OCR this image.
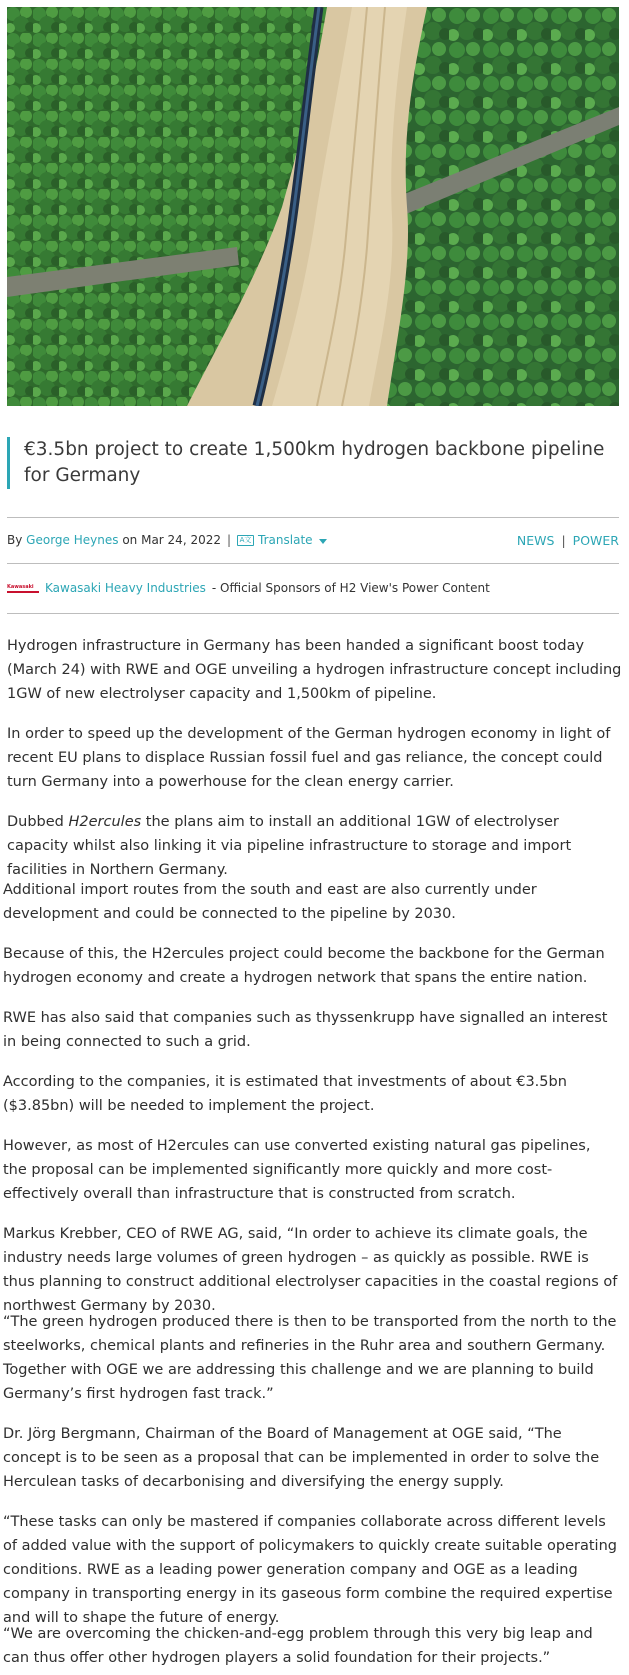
€3.5bn project to create 1,500km hydrogen backbone pipeline for Germany
By
George Heynes
on
Mar 24, 2022 |	A文 Translate	NEWS | POWER
Kawasaki Kawasaki Heavy Industries - Official Sponsors of H2 View's Power Content

Hydrogen infrastructure in Germany has been handed a significant boost today (March 24) with RWE and OGE unveiling a hydrogen infrastructure concept including 1GW of new electrolyser capacity and 1,500km of pipeline.

In order to speed up the development of the German hydrogen economy in light of recent EU plans to displace Russian fossil fuel and gas reliance, the concept could turn Germany into a powerhouse for the clean energy carrier.

Dubbed H2ercules the plans aim to install an additional 1GW of electrolyser capacity whilst also linking it via pipeline infrastructure to storage and import facilities in Northern Germany.

Additional import routes from the south and east are also currently under development and could be connected to the pipeline by 2030.

Because of this, the H2ercules project could become the backbone for the German hydrogen economy and create a hydrogen network that spans the entire nation.

RWE has also said that companies such as thyssenkrupp have signalled an interest in being connected to such a grid.

According to the companies, it is estimated that investments of about €3.5bn ($3.85bn) will be needed to implement the project.

However, as most of H2ercules can use converted existing natural gas pipelines, the proposal can be implemented significantly more quickly and more cost-effectively overall than infrastructure that is constructed from scratch.

Markus Krebber, CEO of RWE AG, said, “In order to achieve its climate goals, the industry needs large volumes of green hydrogen – as quickly as possible. RWE is thus planning to construct additional electrolyser capacities in the coastal regions of northwest Germany by 2030.

“The green hydrogen produced there is then to be transported from the north to the steelworks, chemical plants and refineries in the Ruhr area and southern Germany. Together with OGE we are addressing this challenge and we are planning to build Germany’s first hydrogen fast track.”

Dr. Jörg Bergmann, Chairman of the Board of Management at OGE said, “The concept is to be seen as a proposal that can be implemented in order to solve the Herculean tasks of decarbonising and diversifying the energy supply.

“These tasks can only be mastered if companies collaborate across different levels of added value with the support of policymakers to quickly create suitable operating conditions. RWE as a leading power generation company and OGE as a leading company in transporting energy in its gaseous form combine the required expertise and will to shape the future of energy.

“We are overcoming the chicken-and-egg problem through this very big leap and can thus offer other hydrogen players a solid foundation for their projects.”
